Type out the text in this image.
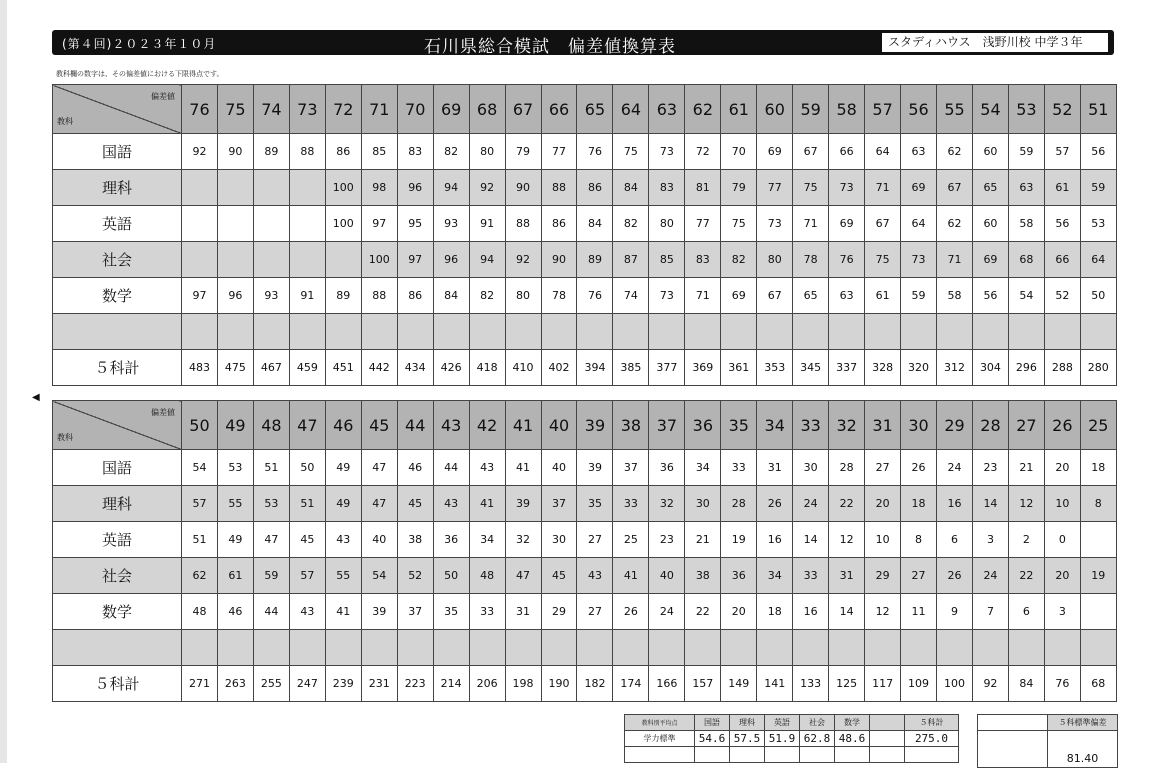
(第４回)２０２３年１０月	石川県総合模試　偏差値換算表	スタディハウス　浅野川校 中学３年
教科欄の数字は、その偏差値における下限得点です。
◀
偏差値
教科	76	75	74	73	72	71	70	69	68	67	66	65	64	63	62	61	60	59	58	57	56	55	54	53	52	51
国語	92	90	89	88	86	85	83	82	80	79	77	76	75	73	72	70	69	67	66	64	63	62	60	59	57	56
理科					100	98	96	94	92	90	88	86	84	83	81	79	77	75	73	71	69	67	65	63	61	59
英語					100	97	95	93	91	88	86	84	82	80	77	75	73	71	69	67	64	62	60	58	56	53
社会						100	97	96	94	92	90	89	87	85	83	82	80	78	76	75	73	71	69	68	66	64
数学	97	96	93	91	89	88	86	84	82	80	78	76	74	73	71	69	67	65	63	61	59	58	56	54	52	50

５科計	483	475	467	459	451	442	434	426	418	410	402	394	385	377	369	361	353	345	337	328	320	312	304	296	288	280
偏差値
教科	50	49	48	47	46	45	44	43	42	41	40	39	38	37	36	35	34	33	32	31	30	29	28	27	26	25
国語	54	53	51	50	49	47	46	44	43	41	40	39	37	36	34	33	31	30	28	27	26	24	23	21	20	18
理科	57	55	53	51	49	47	45	43	41	39	37	35	33	32	30	28	26	24	22	20	18	16	14	12	10	8
英語	51	49	47	45	43	40	38	36	34	32	30	27	25	23	21	19	16	14	12	10	8	6	3	2	0	
社会	62	61	59	57	55	54	52	50	48	47	45	43	41	40	38	36	34	33	31	29	27	26	24	22	20	19
数学	48	46	44	43	41	39	37	35	33	31	29	27	26	24	22	20	18	16	14	12	11	9	7	6	3	

５科計	271	263	255	247	239	231	223	214	206	198	190	182	174	166	157	149	141	133	125	117	109	100	92	84	76	68
教科別平均点	国語	理科	英語	社会	数学		５科計
学力標準	54.6	57.5	51.9	62.8	48.6		275.0

	５科標準偏差
	81.40
